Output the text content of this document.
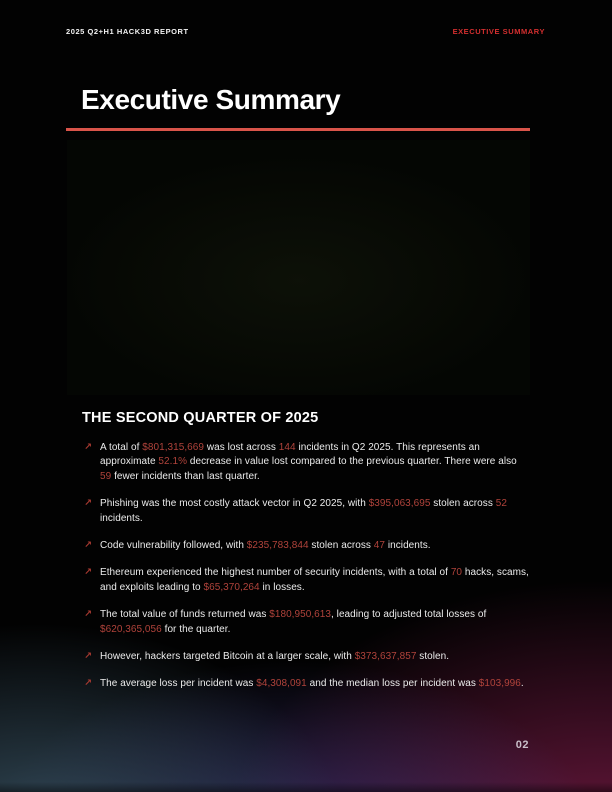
2025 Q2+H1 HACK3D REPORT	EXECUTIVE SUMMARY
Executive Summary
THE SECOND QUARTER OF 2025
↗ A total of $801,315,669 was lost across 144 incidents in Q2 2025. This represents an approximate 52.1% decrease in value lost compared to the previous quarter. There were also 59 fewer incidents than last quarter.
↗ Phishing was the most costly attack vector in Q2 2025, with $395,063,695 stolen across 52 incidents.
↗ Code vulnerability followed, with $235,783,844 stolen across 47 incidents.
↗ Ethereum experienced the highest number of security incidents, with a total of 70 hacks, scams, and exploits leading to $65,370,264 in losses.
↗ The total value of funds returned was $180,950,613, leading to adjusted total losses of $620,365,056 for the quarter.
↗ However, hackers targeted Bitcoin at a larger scale, with $373,637,857 stolen.
↗ The average loss per incident was $4,308,091 and the median loss per incident was $103,996.
02
